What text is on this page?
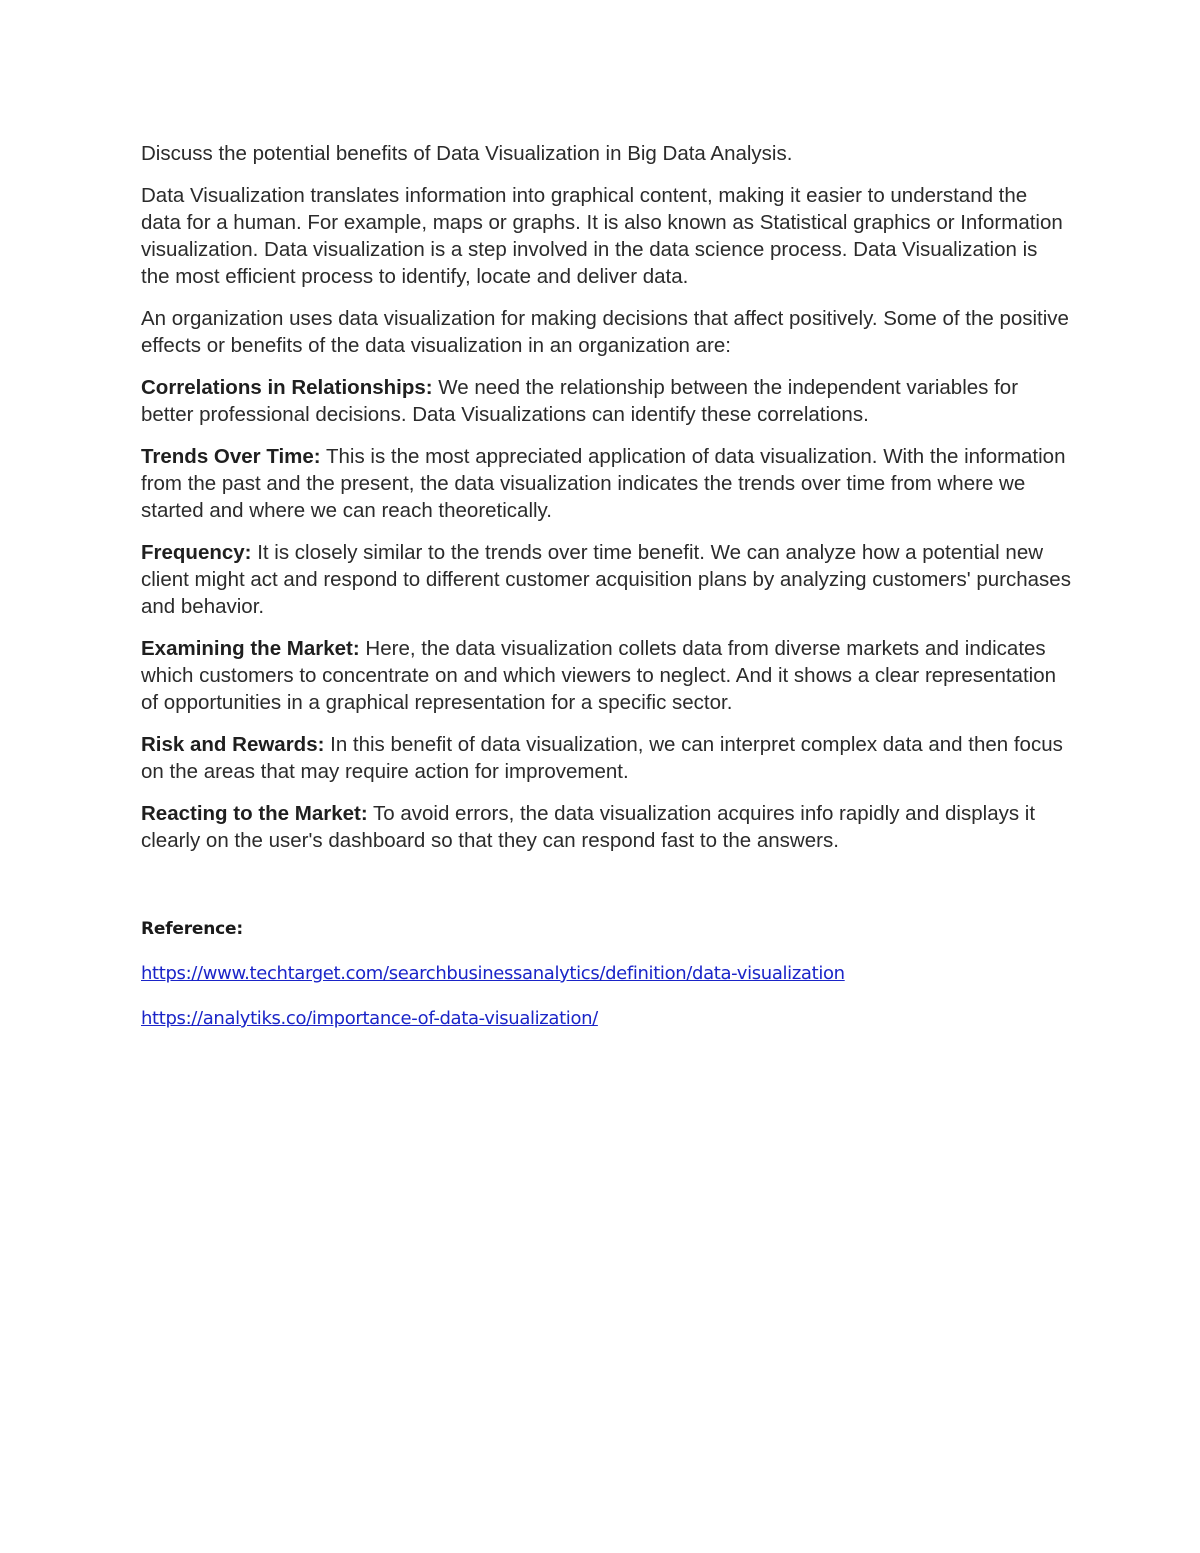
Discuss the potential benefits of Data Visualization in Big Data Analysis.

Data Visualization translates information into graphical content, making it easier to understand the data for a human. For example, maps or graphs. It is also known as Statistical graphics or Information visualization. Data visualization is a step involved in the data science process. Data Visualization is the most efficient process to identify, locate and deliver data.

An organization uses data visualization for making decisions that affect positively. Some of the positive effects or benefits of the data visualization in an organization are:

Correlations in Relationships: We need the relationship between the independent variables for better professional decisions. Data Visualizations can identify these correlations.

Trends Over Time: This is the most appreciated application of data visualization. With the information from the past and the present, the data visualization indicates the trends over time from where we started and where we can reach theoretically.

Frequency: It is closely similar to the trends over time benefit. We can analyze how a potential new client might act and respond to different customer acquisition plans by analyzing customers' purchases and behavior.

Examining the Market: Here, the data visualization collets data from diverse markets and indicates which customers to concentrate on and which viewers to neglect. And it shows a clear representation of opportunities in a graphical representation for a specific sector.

Risk and Rewards: In this benefit of data visualization, we can interpret complex data and then focus on the areas that may require action for improvement.

Reacting to the Market: To avoid errors, the data visualization acquires info rapidly and displays it clearly on the user's dashboard so that they can respond fast to the answers.

Reference:

https://www.techtarget.com/searchbusinessanalytics/definition/data-visualization
https://analytiks.co/importance-of-data-visualization/
